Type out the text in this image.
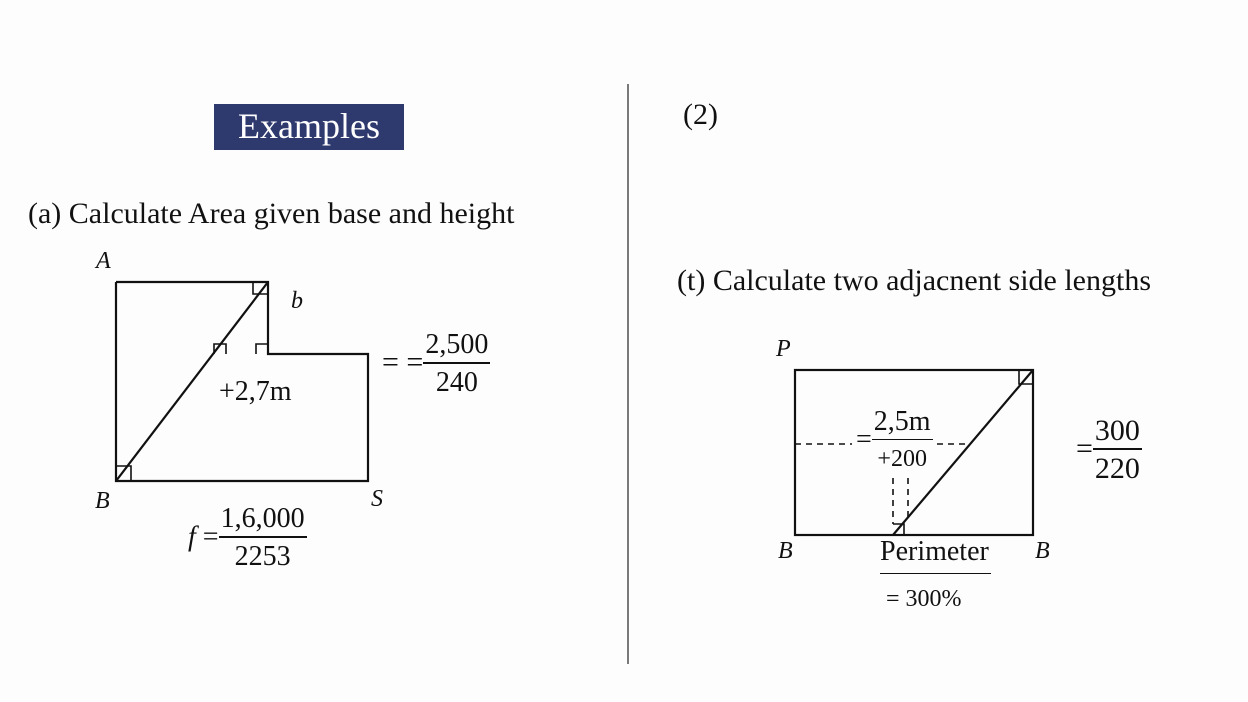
Examples
(a) Calculate Area given base and height
A
b
B	S
+2,7m
= = $\frac{2,500}{240}$
$f = \frac{1,6,000}{2253}$
(2)
(t) Calculate two adjacnent side lengths
P
B	B
= $\frac{2,5m}{+200}$
Perimeter
= 300%
= $\frac{300}{220}$
